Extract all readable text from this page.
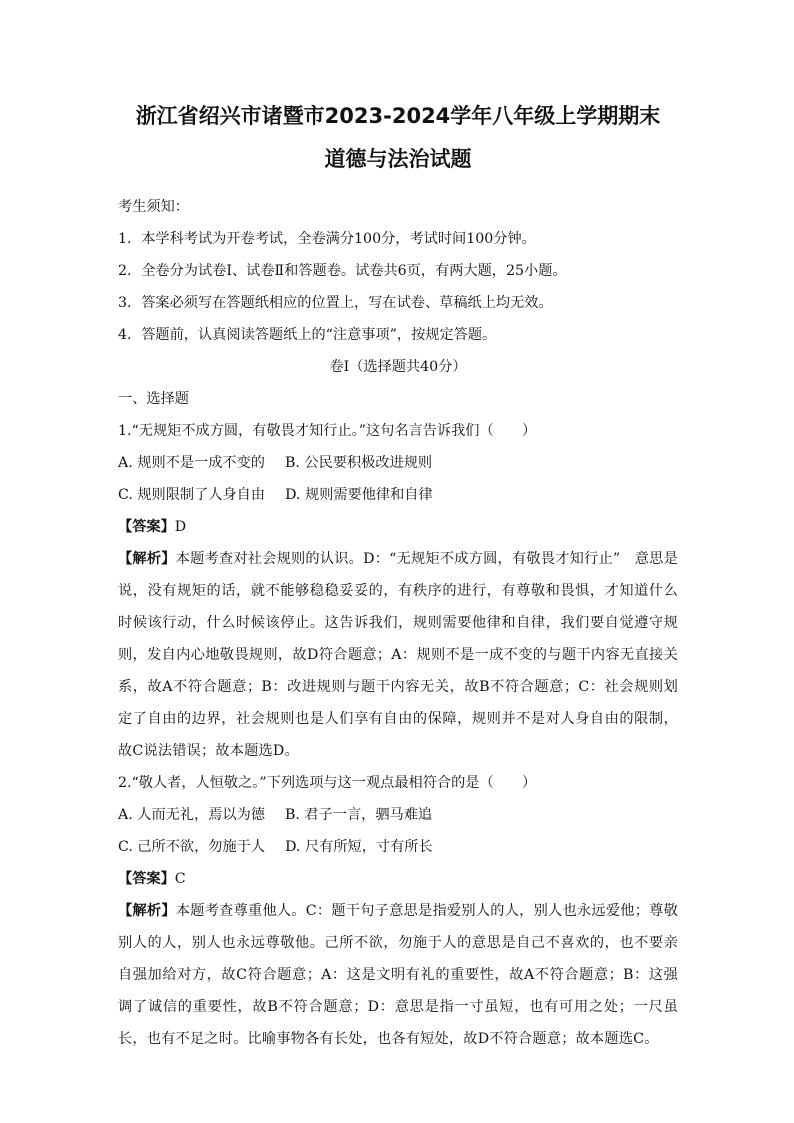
浙江省绍兴市诸暨市2023-2024学年八年级上学期期末
道德与法治试题

考生须知：

1．本学科考试为开卷考试，全卷满分100分，考试时间100分钟。

2．全卷分为试卷Ⅰ、试卷Ⅱ和答题卷。试卷共6页，有两大题，25小题。

3．答案必须写在答题纸相应的位置上，写在试卷、草稿纸上均无效。

4．答题前，认真阅读答题纸上的“注意事项”，按规定答题。

卷Ⅰ（选择题共40分）

一、选择题

1.“无规矩不成方圆，有敬畏才知行止。”这句名言告诉我们（　　）

A. 规则不是一成不变的 B. 公民要积极改进规则
C. 规则限制了人身自由 D. 规则需要他律和自律

【答案】D

【解析】本题考查对社会规则的认识。D：“无规矩不成方圆，有敬畏才知行止”　意思是说，没有规矩的话，就不能够稳稳妥妥的，有秩序的进行，有尊敬和畏惧，才知道什么时候该行动，什么时候该停止。这告诉我们，规则需要他律和自律，我们要自觉遵守规则，发自内心地敬畏规则，故D符合题意；A：规则不是一成不变的与题干内容无直接关系，故A不符合题意；B：改进规则与题干内容无关，故B不符合题意；C：社会规则划定了自由的边界，社会规则也是人们享有自由的保障，规则并不是对人身自由的限制，故C说法错误；故本题选D。

2.“敬人者，人恒敬之。”下列选项与这一观点最相符合的是（　　）

A. 人而无礼，焉以为德 B. 君子一言，驷马难追
C. 己所不欲，勿施于人 D. 尺有所短，寸有所长

【答案】C

【解析】本题考查尊重他人。C：题干句子意思是指爱别人的人，别人也永远爱他；尊敬别人的人，别人也永远尊敬他。己所不欲，勿施于人的意思是自己不喜欢的，也不要亲自强加给对方，故C符合题意；A：这是文明有礼的重要性，故A不符合题意；B：这强调了诚信的重要性，故B不符合题意；D：意思是指一寸虽短，也有可用之处；一尺虽长，也有不足之时。比喻事物各有长处，也各有短处，故D不符合题意；故本题选C。
